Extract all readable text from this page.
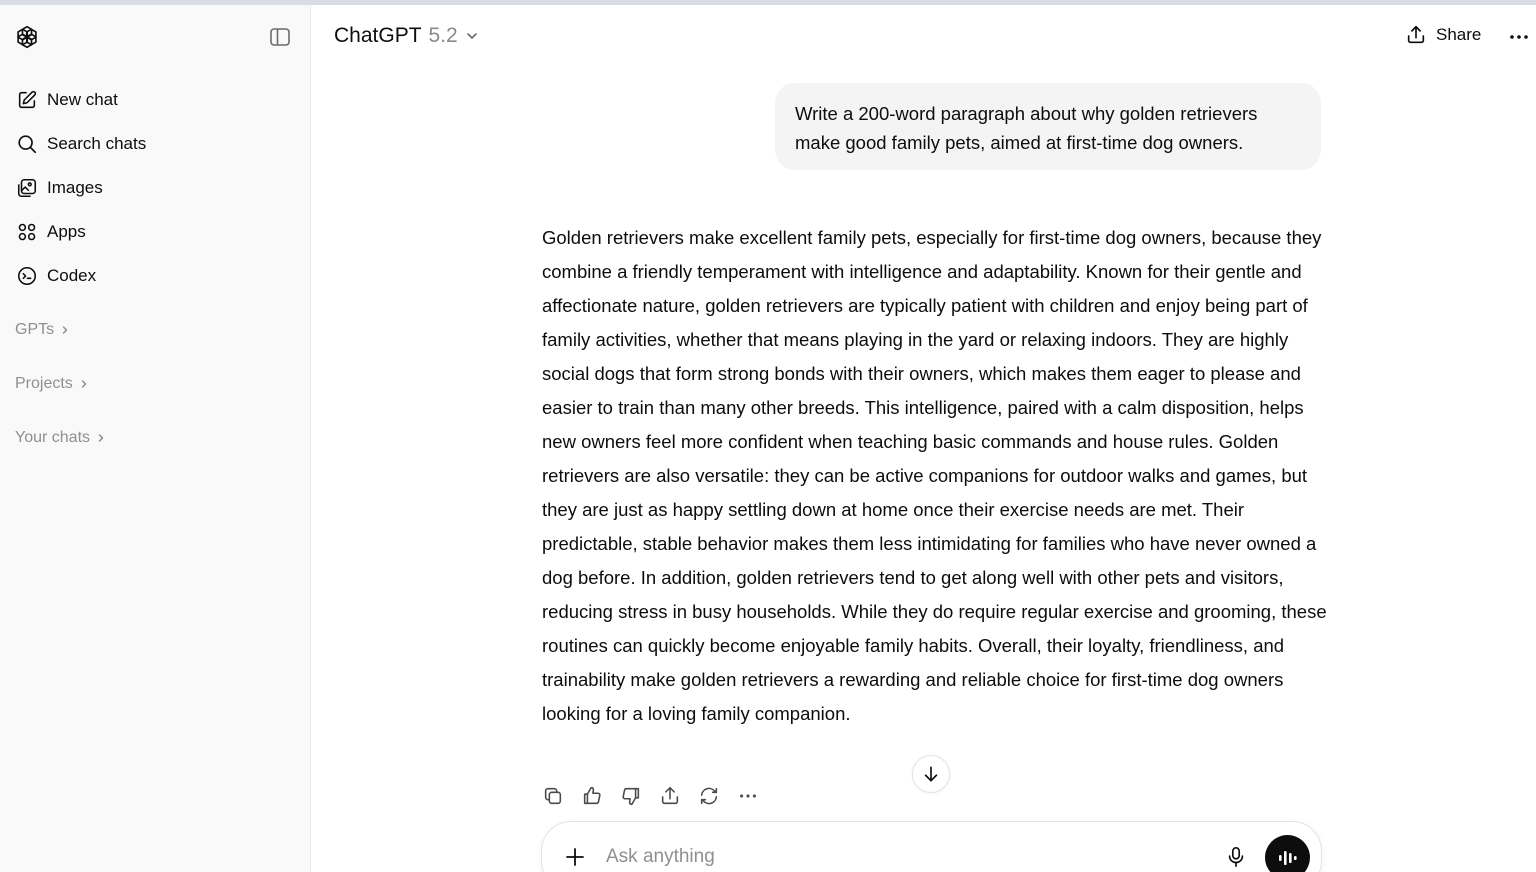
New chat
Search chats
Images
Apps
Codex
GPTs
Projects
Your chats
ChatGPT 5.2	Share
Write a 200-word paragraph about why golden retrievers make good family pets, aimed at first-time dog owners.
Golden retrievers make excellent family pets, especially for first-time dog owners, because they combine a friendly temperament with intelligence and adaptability. Known for their gentle and affectionate nature, golden retrievers are typically patient with children and enjoy being part of family activities, whether that means playing in the yard or relaxing indoors. They are highly social dogs that form strong bonds with their owners, which makes them eager to please and easier to train than many other breeds. This intelligence, paired with a calm disposition, helps new owners feel more confident when teaching basic commands and house rules. Golden retrievers are also versatile: they can be active companions for outdoor walks and games, but they are just as happy settling down at home once their exercise needs are met. Their predictable, stable behavior makes them less intimidating for families who have never owned a dog before. In addition, golden retrievers tend to get along well with other pets and visitors, reducing stress in busy households. While they do require regular exercise and grooming, these routines can quickly become enjoyable family habits. Overall, their loyalty, friendliness, and trainability make golden retrievers a rewarding and reliable choice for first-time dog owners looking for a loving family companion.
Ask anything
